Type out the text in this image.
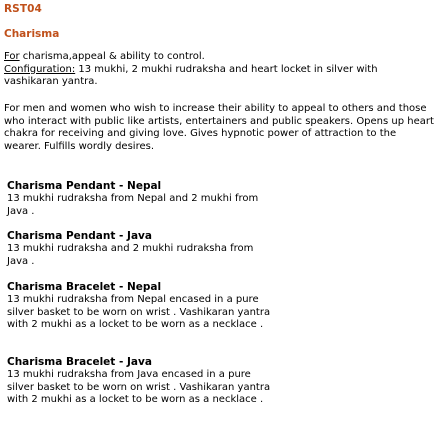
RST04
Charisma
For charisma,appeal & ability to control.
Configuration: 13 mukhi, 2 mukhi rudraksha and heart locket in silver with vashikaran yantra.
For men and women who wish to increase their ability to appeal to others and those who interact with public like artists, entertainers and public speakers. Opens up heart chakra for receiving and giving love. Gives hypnotic power of attraction to the wearer. Fulfills wordly desires.
Charisma Pendant - Nepal
13 mukhi rudraksha from Nepal and 2 mukhi from Java .
Charisma Pendant - Java
13 mukhi rudraksha and 2 mukhi rudraksha from Java .
Charisma Bracelet - Nepal
13 mukhi rudraksha from Nepal encased in a pure silver basket to be worn on wrist . Vashikaran yantra with 2 mukhi as a locket to be worn as a necklace .
Charisma Bracelet - Java
13 mukhi rudraksha from Java encased in a pure silver basket to be worn on wrist . Vashikaran yantra with 2 mukhi as a locket to be worn as a necklace .
